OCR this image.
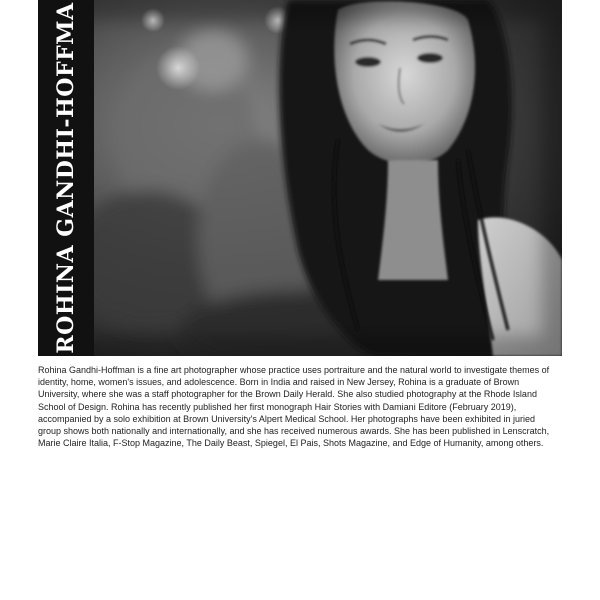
ROHINA GANDHI-HOFFMA

Rohina Gandhi-Hoffman is a fine art photographer whose practice uses portraiture and the natural world to investigate themes of identity, home, women's issues, and adolescence. Born in India and raised in New Jersey, Rohina is a graduate of Brown University, where she was a staff photographer for the Brown Daily Herald. She also studied photography at the Rhode Island School of Design. Rohina has recently published her first monograph Hair Stories with Damiani Editore (February 2019), accompanied by a solo exhibition at Brown University's Alpert Medical School. Her photographs have been exhibited in juried group shows both nationally and internationally, and she has received numerous awards. She has been published in Lenscratch, Marie Claire Italia, F-Stop Magazine, The Daily Beast, Spiegel, El Pais, Shots Magazine, and Edge of Humanity, among others.
